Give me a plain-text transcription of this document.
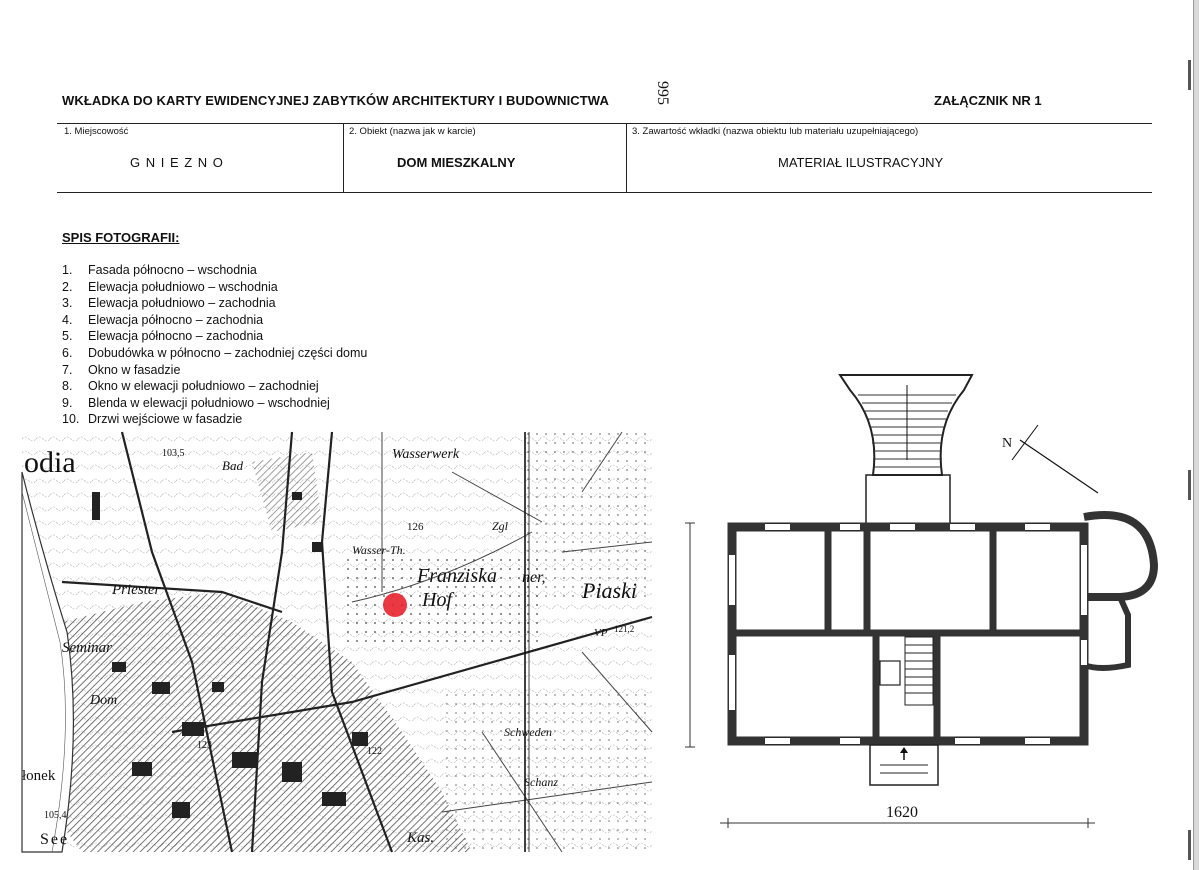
WKŁADKA DO KARTY EWIDENCYJNEJ ZABYTKÓW ARCHITEKTURY I BUDOWNICTWA	ZAŁĄCZNIK NR 1
1. Miejscowość	2. Obiekt (nazwa jak w karcie)	3. Zawartość wkładki (nazwa obiektu lub materiału uzupełniającego)
G N I E Z N O	DOM MIESZKALNY	MATERIAŁ ILUSTRACYJNY
SPIS FOTOGRAFII:
1.	Fasada północno – wschodnia
2.	Elewacja południowo – wschodnia
3.	Elewacja południowo – zachodnia
4.	Elewacja północno – zachodnia
5.	Elewacja północno – zachodnia
6.	Dobudówka w północno – zachodniej części domu
7.	Okno w fasadzie
8.	Okno w elewacji południowo – zachodniej
9.	Blenda w elewacji południowo – wschodniej
10. Drzwi wejściowe w fasadzie
odia	103,5
Bad
Wasserwerk
126	Zgl
Wasser-Th.
Franziska ner,
Hof	Piaski
Priester
Seminar
VP 121,2
Dom
123
122
Schweden
Schanz
łonek
105,4
See	Kas.
N
995
1620
